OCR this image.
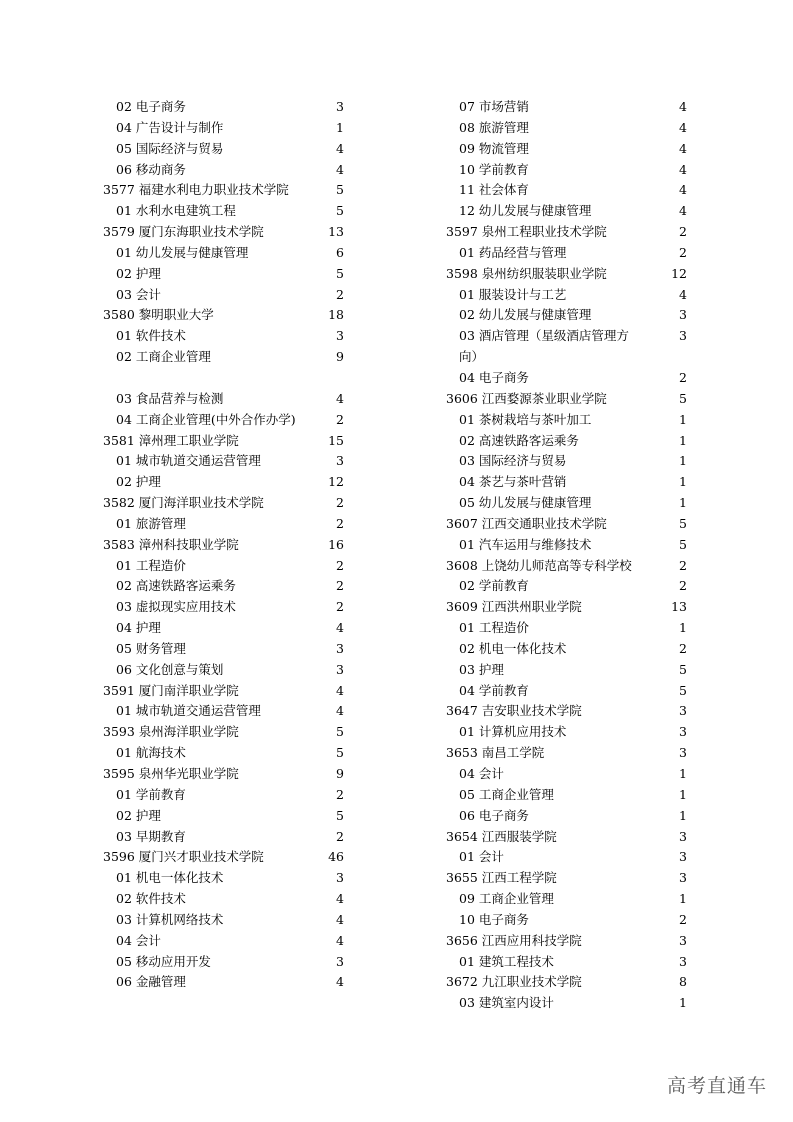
02 电子商务	3
04 广告设计与制作	1
05 国际经济与贸易	4
06 移动商务	4
3577 福建水利电力职业技术学院	5
01 水利水电建筑工程	5
3579 厦门东海职业技术学院	13
01 幼儿发展与健康管理	6
02 护理	5
03 会计	2
3580 黎明职业大学	18
01 软件技术	3
02 工商企业管理	9
03 食品营养与检测	4
04 工商企业管理(中外合作办学)	2
3581 漳州理工职业学院	15
01 城市轨道交通运营管理	3
02 护理	12
3582 厦门海洋职业技术学院	2
01 旅游管理	2
3583 漳州科技职业学院	16
01 工程造价	2
02 高速铁路客运乘务	2
03 虚拟现实应用技术	2
04 护理	4
05 财务管理	3
06 文化创意与策划	3
3591 厦门南洋职业学院	4
01 城市轨道交通运营管理	4
3593 泉州海洋职业学院	5
01 航海技术	5
3595 泉州华光职业学院	9
01 学前教育	2
02 护理	5
03 早期教育	2
3596 厦门兴才职业技术学院	46
01 机电一体化技术	3
02 软件技术	4
03 计算机网络技术	4
04 会计	4
05 移动应用开发	3
06 金融管理	4
07 市场营销	4
08 旅游管理	4
09 物流管理	4
10 学前教育	4
11 社会体育	4
12 幼儿发展与健康管理	4
3597 泉州工程职业技术学院	2
01 药品经营与管理	2
3598 泉州纺织服装职业学院	12
01 服装设计与工艺	4
02 幼儿发展与健康管理	3
03 酒店管理（星级酒店管理方向）
3
04 电子商务	2
3606 江西婺源茶业职业学院	5
01 茶树栽培与茶叶加工	1
02 高速铁路客运乘务	1
03 国际经济与贸易	1
04 茶艺与茶叶营销	1
05 幼儿发展与健康管理	1
3607 江西交通职业技术学院	5
01 汽车运用与维修技术	5
3608 上饶幼儿师范高等专科学校	2
02 学前教育	2
3609 江西洪州职业学院	13
01 工程造价	1
02 机电一体化技术	2
03 护理	5
04 学前教育	5
3647 吉安职业技术学院	3
01 计算机应用技术	3
3653 南昌工学院	3
04 会计	1
05 工商企业管理	1
06 电子商务	1
3654 江西服装学院	3
01 会计	3
3655 江西工程学院	3
09 工商企业管理	1
10 电子商务	2
3656 江西应用科技学院	3
01 建筑工程技术	3
3672 九江职业技术学院	8
03 建筑室内设计	1
高考直通车
